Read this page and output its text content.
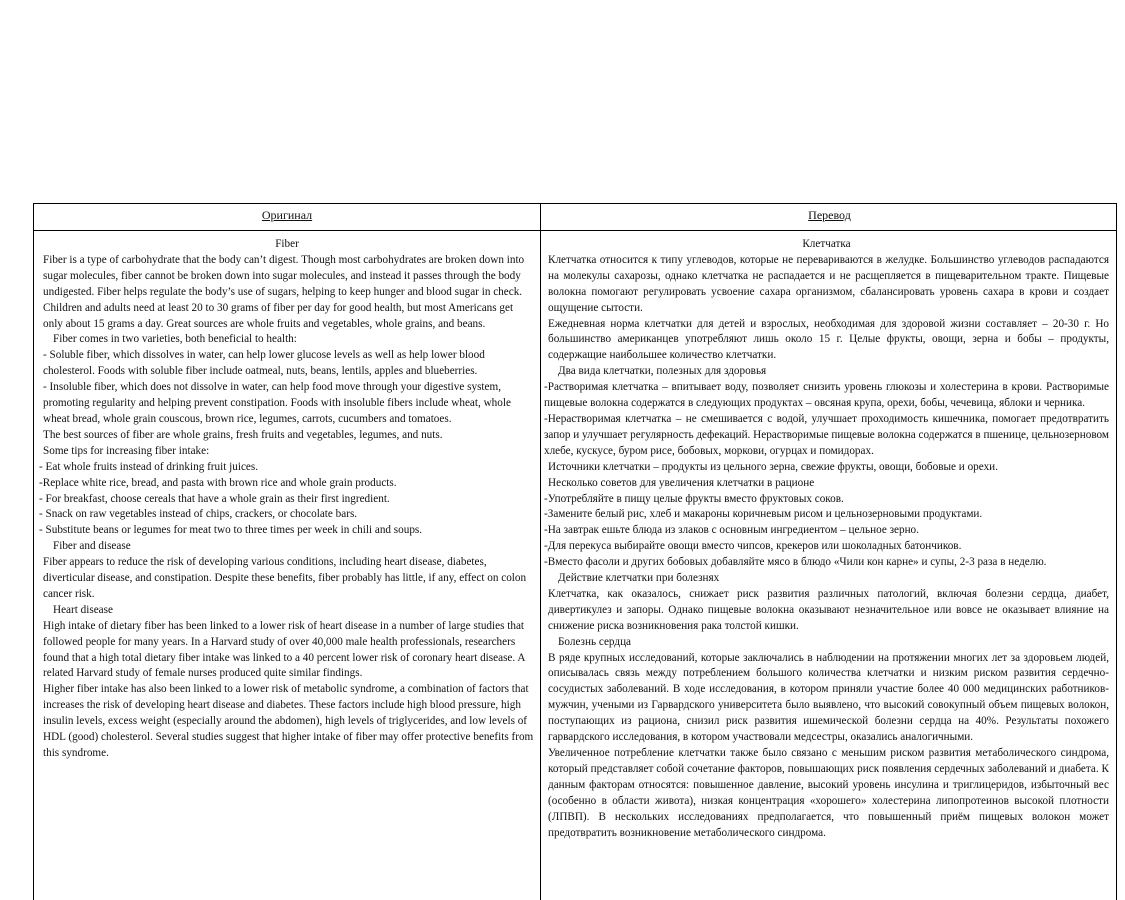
Оригинал	Перевод

Fiber

Fiber is a type of carbohydrate that the body can’t digest. Though most carbohydrates are broken down into sugar molecules, fiber cannot be broken down into sugar molecules, and instead it passes through the body undigested. Fiber helps regulate the body’s use of sugars, helping to keep hunger and blood sugar in check.

Children and adults need at least 20 to 30 grams of fiber per day for good health, but most Americans get only about 15 grams a day. Great sources are whole fruits and vegetables, whole grains, and beans.

Fiber comes in two varieties, both beneficial to health:

- Soluble fiber, which dissolves in water, can help lower glucose levels as well as help lower blood cholesterol. Foods with soluble fiber include oatmeal, nuts, beans, lentils, apples and blueberries.

- Insoluble fiber, which does not dissolve in water, can help food move through your digestive system, promoting regularity and helping prevent constipation. Foods with insoluble fibers include wheat, whole wheat bread, whole grain couscous, brown rice, legumes, carrots, cucumbers and tomatoes.

The best sources of fiber are whole grains, fresh fruits and vegetables, legumes, and nuts.

Some tips for increasing fiber intake:

- Eat whole fruits instead of drinking fruit juices.

-Replace white rice, bread, and pasta with brown rice and whole grain products.

- For breakfast, choose cereals that have a whole grain as their first ingredient.

- Snack on raw vegetables instead of chips, crackers, or chocolate bars.

- Substitute beans or legumes for meat two to three times per week in chili and soups.

Fiber and disease

Fiber appears to reduce the risk of developing various conditions, including heart disease, diabetes, diverticular disease, and constipation. Despite these benefits, fiber probably has little, if any, effect on colon cancer risk.

Heart disease

High intake of dietary fiber has been linked to a lower risk of heart disease in a number of large studies that followed people for many years. In a Harvard study of over 40,000 male health professionals, researchers found that a high total dietary fiber intake was linked to a 40 percent lower risk of coronary heart disease. A related Harvard study of female nurses produced quite similar findings.

Higher fiber intake has also been linked to a lower risk of metabolic syndrome, a combination of factors that increases the risk of developing heart disease and diabetes. These factors include high blood pressure, high insulin levels, excess weight (especially around the abdomen), high levels of triglycerides, and low levels of HDL (good) cholesterol. Several studies suggest that higher intake of fiber may offer protective benefits from this syndrome.

Клетчатка

Клетчатка относится к типу углеводов, которые не перевариваются в желудке. Большинство углеводов распадаются на молекулы сахарозы, однако клетчатка не распадается и не расщепляется в пищеварительном тракте. Пищевые волокна помогают регулировать усвоение сахара организмом, сбалансировать уровень сахара в крови и создает ощущение сытости.

Ежедневная норма клетчатки для детей и взрослых, необходимая для здоровой жизни составляет – 20-30 г. Но большинство американцев употребляют лишь около 15 г. Целые фрукты, овощи, зерна и бобы – продукты, содержащие наибольшее количество клетчатки.

Два вида клетчатки, полезных для здоровья

-Растворимая клетчатка – впитывает воду, позволяет снизить уровень глюкозы и холестерина в крови. Растворимые пищевые волокна содержатся в следующих продуктах – овсяная крупа, орехи, бобы, чечевица, яблоки и черника.

-Нерастворимая клетчатка – не смешивается с водой, улучшает проходимость кишечника, помогает предотвратить запор и улучшает регулярность дефекаций. Нерастворимые пищевые волокна содержатся в пшенице, цельнозерновом хлебе, кускусе, буром рисе, бобовых, моркови, огурцах и помидорах.

Источники клетчатки – продукты из цельного зерна, свежие фрукты, овощи, бобовые и орехи.

Несколько советов для увеличения клетчатки в рационе

-Употребляйте в пищу целые фрукты вместо фруктовых соков.

-Замените белый рис, хлеб и макароны коричневым рисом и цельнозерновыми продуктами.

-На завтрак ешьте блюда из злаков с основным ингредиентом – цельное зерно.

-Для перекуса выбирайте овощи вместо чипсов, крекеров или шоколадных батончиков.

-Вместо фасоли и других бобовых добавляйте мясо в блюдо «Чили кон карне» и супы, 2-3 раза в неделю.

Действие клетчатки при болезнях

Клетчатка, как оказалось, снижает риск развития различных патологий, включая болезни сердца, диабет, дивертикулез и запоры. Однако пищевые волокна оказывают незначительное или вовсе не оказывает влияние на снижение риска возникновения рака толстой кишки.

Болезнь сердца

В ряде крупных исследований, которые заключались в наблюдении на протяжении многих лет за здоровьем людей, описывалась связь между потреблением большого количества клетчатки и низким риском развития сердечно-сосудистых заболеваний. В ходе исследования, в котором приняли участие более 40 000 медицинских работников-мужчин, учеными из Гарвардского университета было выявлено, что высокий совокупный объем пищевых волокон, поступающих из рациона, снизил риск развития ишемической болезни сердца на 40%. Результаты похожего гарвардского исследования, в котором участвовали медсестры, оказались аналогичными.

Увеличенное потребление клетчатки также было связано с меньшим риском развития метаболического синдрома, который представляет собой сочетание факторов, повышающих риск появления сердечных заболеваний и диабета. К данным факторам относятся: повышенное давление, высокий уровень инсулина и триглицеридов, избыточный вес (особенно в области живота), низкая концентрация «хорошего» холестерина липопротеинов высокой плотности (ЛПВП). В нескольких исследованиях предполагается, что повышенный приём пищевых волокон может предотвратить возникновение метаболического синдрома.
